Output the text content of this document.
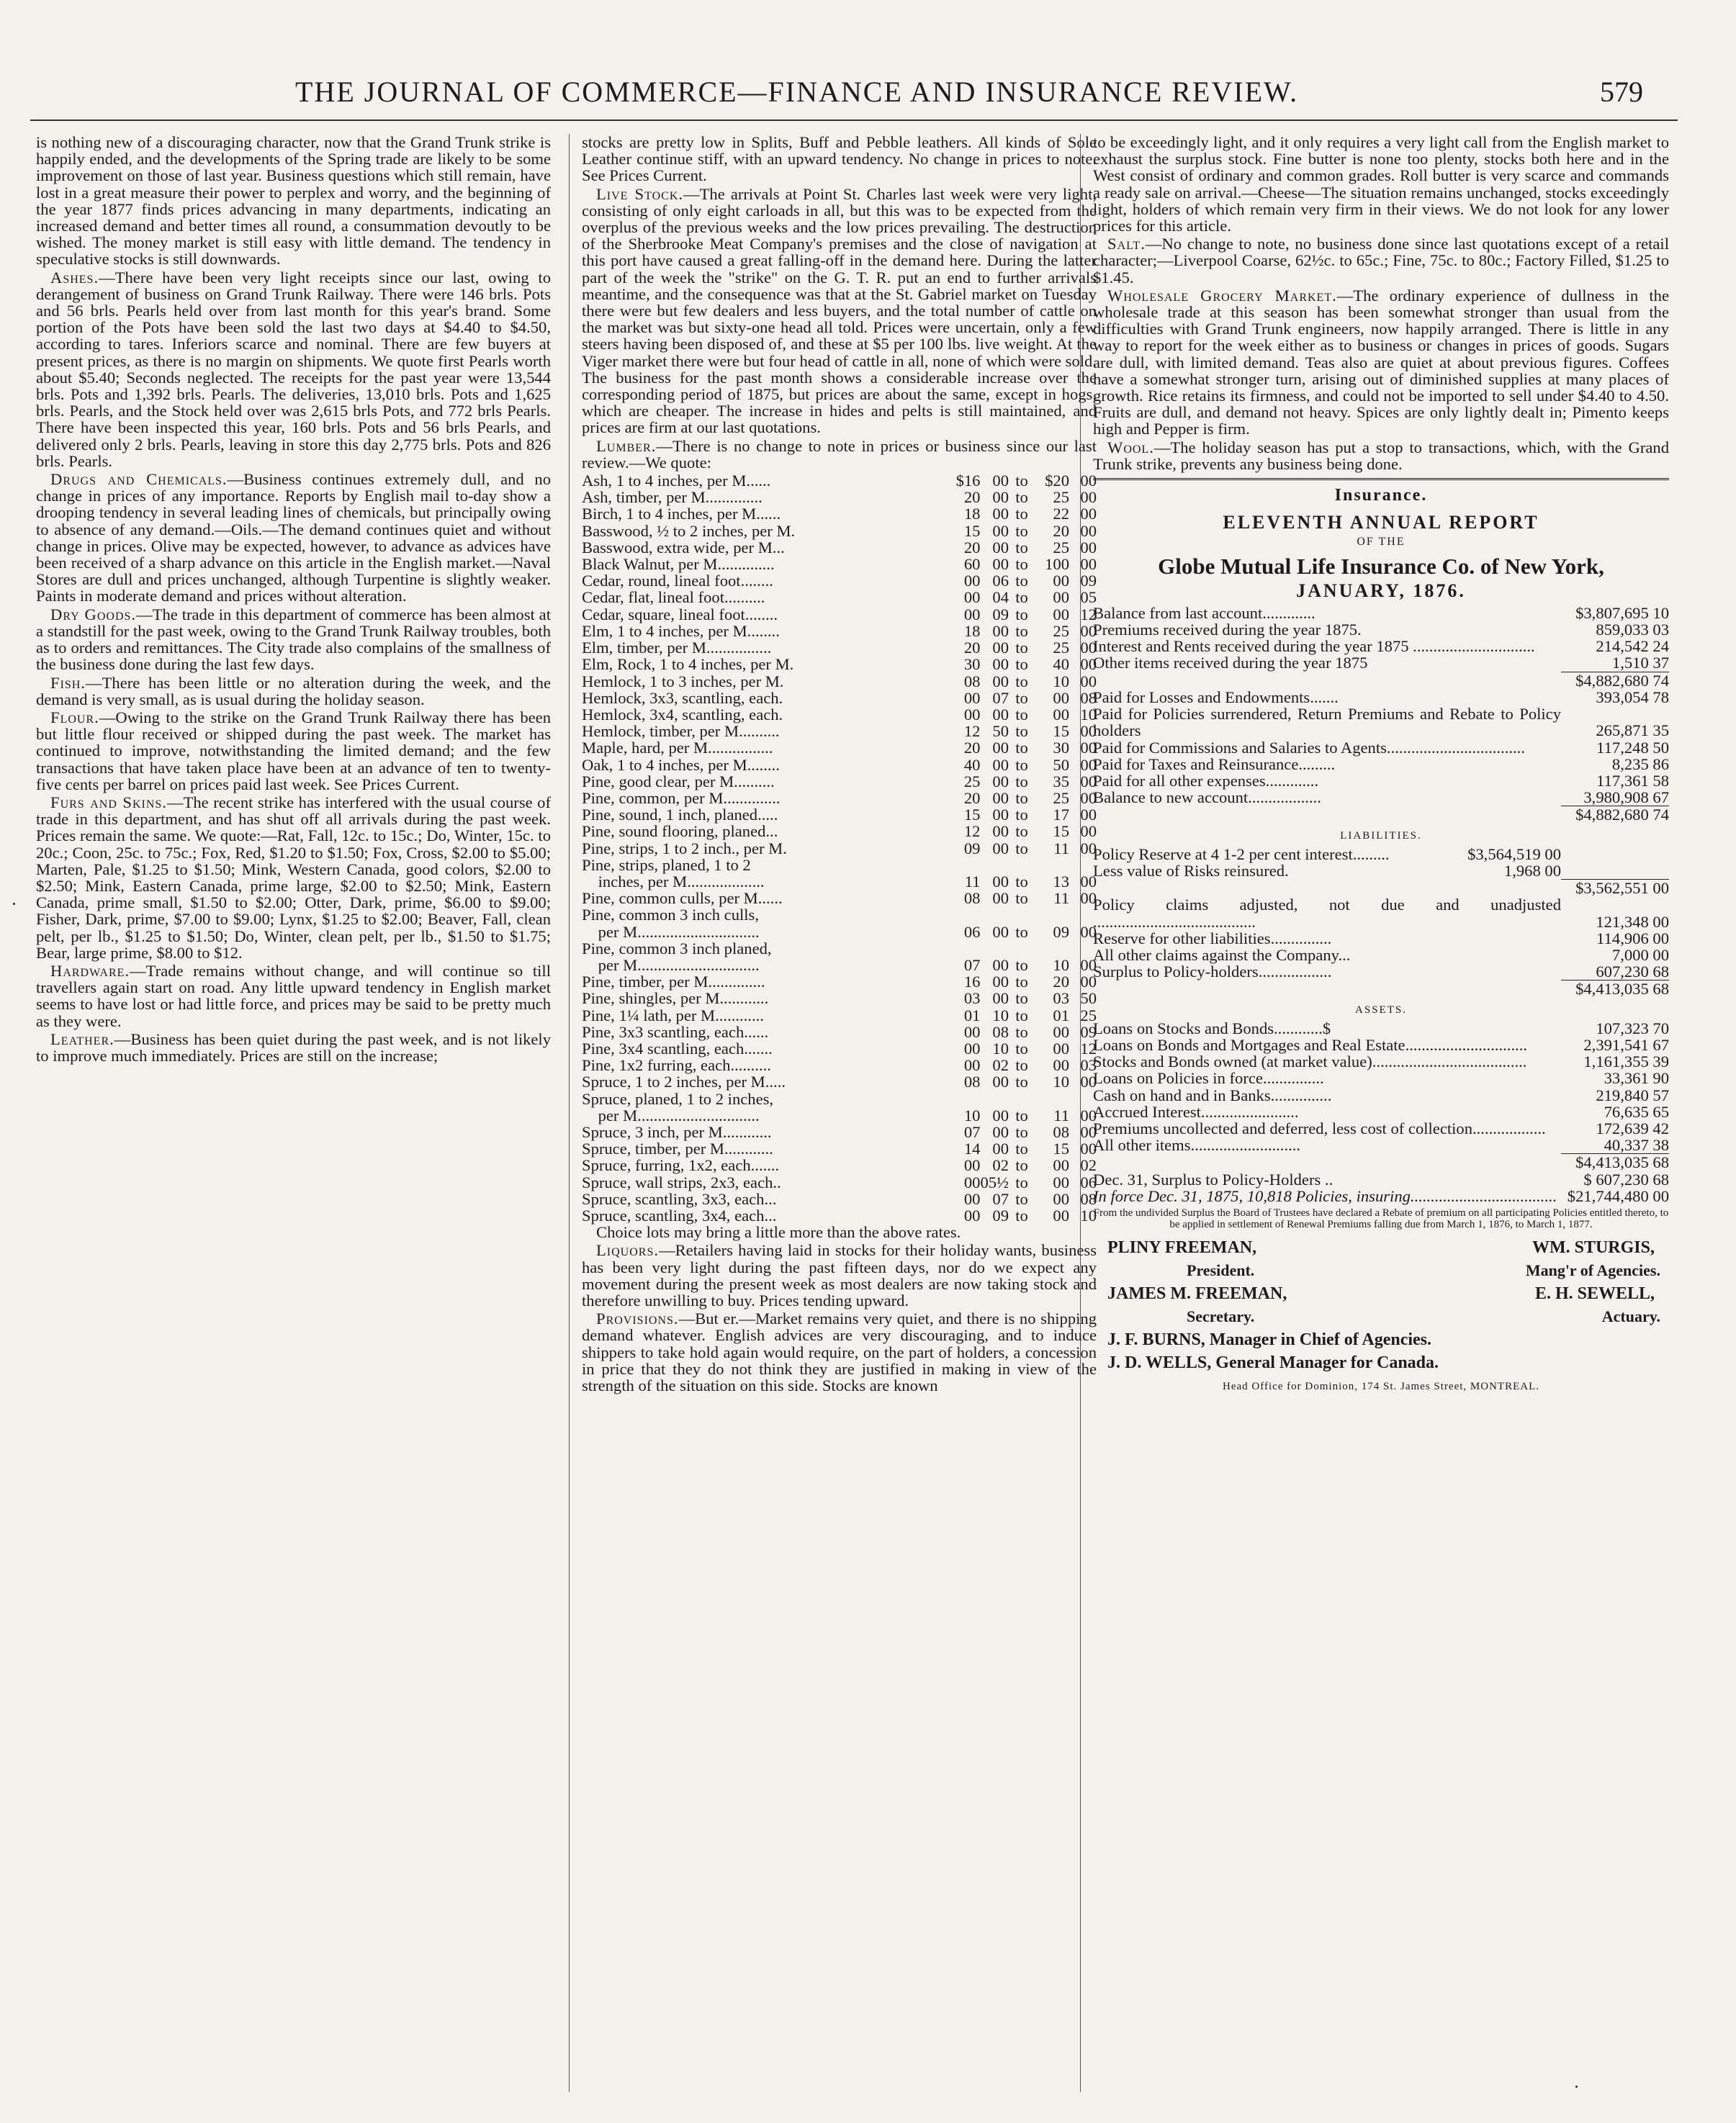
THE JOURNAL OF COMMERCE—FINANCE AND INSURANCE REVIEW.	579

is nothing new of a discouraging character, now that the Grand Trunk strike is happily ended, and the developments of the Spring trade are likely to be some improvement on those of last year. Business questions which still remain, have lost in a great measure their power to perplex and worry, and the beginning of the year 1877 finds prices advancing in many departments, indicating an increased demand and better times all round, a consummation devoutly to be wished. The money market is still easy with little demand. The tendency in speculative stocks is still downwards.

Ashes.—There have been very light receipts since our last, owing to derangement of business on Grand Trunk Railway. There were 146 brls. Pots and 56 brls. Pearls held over from last month for this year's brand. Some portion of the Pots have been sold the last two days at $4.40 to $4.50, according to tares. Inferiors scarce and nominal. There are few buyers at present prices, as there is no margin on shipments. We quote first Pearls worth about $5.40; Seconds neglected. The receipts for the past year were 13,544 brls. Pots and 1,392 brls. Pearls. The deliveries, 13,010 brls. Pots and 1,625 brls. Pearls, and the Stock held over was 2,615 brls Pots, and 772 brls Pearls. There have been inspected this year, 160 brls. Pots and 56 brls Pearls, and delivered only 2 brls. Pearls, leaving in store this day 2,775 brls. Pots and 826 brls. Pearls.

Drugs and Chemicals.—Business continues extremely dull, and no change in prices of any importance. Reports by English mail to-day show a drooping tendency in several leading lines of chemicals, but principally owing to absence of any demand.—Oils.—The demand continues quiet and without change in prices. Olive may be expected, however, to advance as advices have been received of a sharp advance on this article in the English market.—Naval Stores are dull and prices unchanged, although Turpentine is slightly weaker. Paints in moderate demand and prices without alteration.

Dry Goods.—The trade in this department of commerce has been almost at a standstill for the past week, owing to the Grand Trunk Railway troubles, both as to orders and remittances. The City trade also complains of the smallness of the business done during the last few days.

Fish.—There has been little or no alteration during the week, and the demand is very small, as is usual during the holiday season.

Flour.—Owing to the strike on the Grand Trunk Railway there has been but little flour received or shipped during the past week. The market has continued to improve, notwithstanding the limited demand; and the few transactions that have taken place have been at an advance of ten to twenty-five cents per barrel on prices paid last week. See Prices Current.

Furs and Skins.—The recent strike has interfered with the usual course of trade in this department, and has shut off all arrivals during the past week. Prices remain the same. We quote:—Rat, Fall, 12c. to 15c.; Do, Winter, 15c. to 20c.; Coon, 25c. to 75c.; Fox, Red, $1.20 to $1.50; Fox, Cross, $2.00 to $5.00; Marten, Pale, $1.25 to $1.50; Mink, Western Canada, good colors, $2.00 to $2.50; Mink, Eastern Canada, prime large, $2.00 to $2.50; Mink, Eastern Canada, prime small, $1.50 to $2.00; Otter, Dark, prime, $6.00 to $9.00; Fisher, Dark, prime, $7.00 to $9.00; Lynx, $1.25 to $2.00; Beaver, Fall, clean pelt, per lb., $1.25 to $1.50; Do, Winter, clean pelt, per lb., $1.50 to $1.75; Bear, large prime, $8.00 to $12.

Hardware.—Trade remains without change, and will continue so till travellers again start on road. Any little upward tendency in English market seems to have lost or had little force, and prices may be said to be pretty much as they were.

Leather.—Business has been quiet during the past week, and is not likely to improve much immediately. Prices are still on the increase;

stocks are pretty low in Splits, Buff and Pebble leathers. All kinds of Sole Leather continue stiff, with an upward tendency. No change in prices to note. See Prices Current.

Live Stock.—The arrivals at Point St. Charles last week were very light, consisting of only eight carloads in all, but this was to be expected from the overplus of the previous weeks and the low prices prevailing. The destruction of the Sherbrooke Meat Company's premises and the close of navigation at this port have caused a great falling-off in the demand here. During the latter part of the week the "strike" on the G. T. R. put an end to further arrivals meantime, and the consequence was that at the St. Gabriel market on Tuesday there were but few dealers and less buyers, and the total number of cattle on the market was but sixty-one head all told. Prices were uncertain, only a few steers having been disposed of, and these at $5 per 100 lbs. live weight. At the Viger market there were but four head of cattle in all, none of which were sold. The business for the past month shows a considerable increase over the corresponding period of 1875, but prices are about the same, except in hogs, which are cheaper. The increase in hides and pelts is still maintained, and prices are firm at our last quotations.

Lumber.—There is no change to note in prices or business since our last review.—We quote:

Ash, 1 to 4 inches, per M......	$16	00	to	$20	00
Ash, timber, per M..............	20	00	to	25	00
Birch, 1 to 4 inches, per M......	18	00	to	22	00
Basswood, ½ to 2 inches, per M.	15	00	to	20	00
Basswood, extra wide, per M...	20	00	to	25	00
Black Walnut, per M..............	60	00	to	100	00
Cedar, round, lineal foot........	00	06	to	00	09
Cedar, flat, lineal foot..........	00	04	to	00	05
Cedar, square, lineal foot........	00	09	to	00	12
Elm, 1 to 4 inches, per M........	18	00	to	25	00
Elm, timber, per M................	20	00	to	25	00
Elm, Rock, 1 to 4 inches, per M.	30	00	to	40	00
Hemlock, 1 to 3 inches, per M.	08	00	to	10	00
Hemlock, 3x3, scantling, each.	00	07	to	00	08
Hemlock, 3x4, scantling, each.	00	00	to	00	10
Hemlock, timber, per M..........	12	50	to	15	00
Maple, hard, per M................	20	00	to	30	00
Oak, 1 to 4 inches, per M........	40	00	to	50	00
Pine, good clear, per M..........	25	00	to	35	00
Pine, common, per M..............	20	00	to	25	00
Pine, sound, 1 inch, planed.....	15	00	to	17	00
Pine, sound flooring, planed...	12	00	to	15	00
Pine, strips, 1 to 2 inch., per M.	09	00	to	11	00
Pine, strips, planed, 1 to 2					
inches, per M...................	11	00	to	13	00
Pine, common culls, per M......	08	00	to	11	00
Pine, common 3 inch culls,					
per M..............................	06	00	to	09	00
Pine, common 3 inch planed,					
per M..............................	07	00	to	10	00
Pine, timber, per M..............	16	00	to	20	00
Pine, shingles, per M............	03	00	to	03	50
Pine, 1¼ lath, per M............	01	10	to	01	25
Pine, 3x3 scantling, each......	00	08	to	00	09
Pine, 3x4 scantling, each.......	00	10	to	00	12
Pine, 1x2 furring, each..........	00	02	to	00	03
Spruce, 1 to 2 inches, per M.....	08	00	to	10	00
Spruce, planed, 1 to 2 inches,					
per M..............................	10	00	to	11	00
Spruce, 3 inch, per M............	07	00	to	08	00
Spruce, timber, per M............	14	00	to	15	00
Spruce, furring, 1x2, each.......	00	02	to	00	02
Spruce, wall strips, 2x3, each..	00	05½	to	00	06
Spruce, scantling, 3x3, each...	00	07	to	00	08
Spruce, scantling, 3x4, each...	00	09	to	00	10

Choice lots may bring a little more than the above rates.

Liquors.—Retailers having laid in stocks for their holiday wants, business has been very light during the past fifteen days, nor do we expect any movement during the present week as most dealers are now taking stock and therefore unwilling to buy. Prices tending upward.

Provisions.—But er.—Market remains very quiet, and there is no shipping demand whatever. English advices are very discouraging, and to induce shippers to take hold again would require, on the part of holders, a concession in price that they do not think they are justified in making in view of the strength of the situation on this side. Stocks are known

to be exceedingly light, and it only requires a very light call from the English market to exhaust the surplus stock. Fine butter is none too plenty, stocks both here and in the West consist of ordinary and common grades. Roll butter is very scarce and commands a ready sale on arrival.—Cheese—The situation remains unchanged, stocks exceedingly light, holders of which remain very firm in their views. We do not look for any lower prices for this article.

Salt.—No change to note, no business done since last quotations except of a retail character;—Liverpool Coarse, 62½c. to 65c.; Fine, 75c. to 80c.; Factory Filled, $1.25 to $1.45.

Wholesale Grocery Market.—The ordinary experience of dullness in the wholesale trade at this season has been somewhat stronger than usual from the difficulties with Grand Trunk engineers, now happily arranged. There is little in any way to report for the week either as to business or changes in prices of goods. Sugars are dull, with limited demand. Teas also are quiet at about previous figures. Coffees have a somewhat stronger turn, arising out of diminished supplies at many places of growth. Rice retains its firmness, and could not be imported to sell under $4.40 to 4.50. Fruits are dull, and demand not heavy. Spices are only lightly dealt in; Pimento keeps high and Pepper is firm.

Wool.—The holiday season has put a stop to transactions, which, with the Grand Trunk strike, prevents any business being done.

Insurance.
ELEVENTH ANNUAL REPORT
OF THE
Globe Mutual Life Insurance Co. of New York,
JANUARY, 1876.
Balance from last account.............	$3,807,695 10
Premiums received during the year 1875.	859,033 03
Interest and Rents received during the year 1875 ..............................	214,542 24
Other items received during the year 1875	1,510 37
	$4,882,680 74
Paid for Losses and Endowments.......	393,054 78
Paid for Policies surrendered, Return Premiums and Rebate to Policy holders	265,871 35
Paid for Commissions and Salaries to Agents..................................	117,248 50
Paid for Taxes and Reinsurance.........	8,235 86
Paid for all other expenses.............	117,361 58
Balance to new account..................	3,980,908 67
	$4,882,680 74
LIABILITIES.
Policy Reserve at 4 1-2 per cent interest.........	$3,564,519 00	
Less value of Risks reinsured.	1,968 00	
	$3,562,551 00
Policy claims adjusted, not due and unadjusted ........................................	121,348 00
Reserve for other liabilities...............	114,906 00
All other claims against the Company...	7,000 00
Surplus to Policy-holders..................	607,230 68
	$4,413,035 68
ASSETS.
Loans on Stocks and Bonds............$	107,323 70
Loans on Bonds and Mortgages and Real Estate..............................	2,391,541 67
Stocks and Bonds owned (at market value)......................................	1,161,355 39
Loans on Policies in force...............	33,361 90
Cash on hand and in Banks...............	219,840 57
Accrued Interest........................	76,635 65
Premiums uncollected and deferred, less cost of collection..................	172,639 42
All other items...........................	40,337 38
	$4,413,035 68
Dec. 31, Surplus to Policy-Holders ..	$ 607,230 68
In force Dec. 31, 1875, 10,818 Policies, insuring....................................	$21,744,480 00
From the undivided Surplus the Board of Trustees have declared a Rebate of premium on all participating Policies entitled thereto, to be applied in settlement of Renewal Premiums falling due from March 1, 1876, to March 1, 1877.
PLINY FREEMAN,	WM. STURGIS,
President.	Mang'r of Agencies.
JAMES M. FREEMAN,	E. H. SEWELL,
Secretary.	Actuary.
J. F. BURNS, Manager in Chief of Agencies.
J. D. WELLS, General Manager for Canada.
Head Office for Dominion, 174 St. James Street, MONTREAL.
